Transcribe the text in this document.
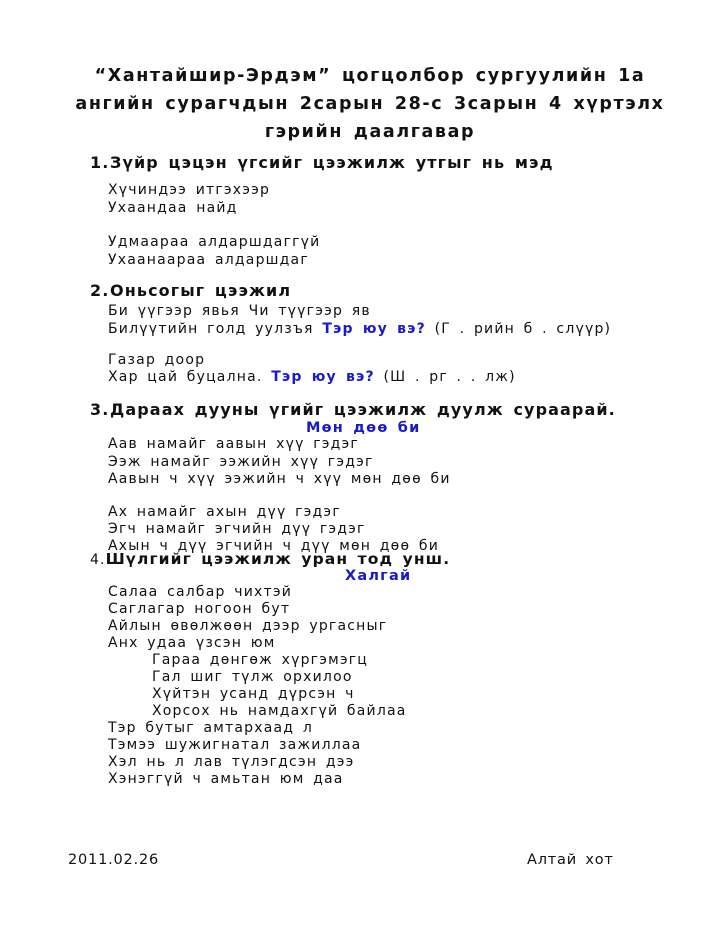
“Хантайшир-Эрдэм” цогцолбор сургуулийн 1а ангийн сурагчдын 2сарын 28-с 3сарын 4 хүртэлх гэрийн даалгавар
1.Зүйр цэцэн үгсийг цээжилж утгыг нь мэд
Хүчиндээ итгэхээр
Ухаандаа найд
Удмаараа алдаршдаггүй
Ухаанаараа алдаршдаг
2.Оньсогыг цээжил
Би үүгээр явья Чи түүгээр яв
Билүүтийн голд уулзъя Тэр юу вэ? (Г . рийн б . слүүр)
Газар доор
Хар цай буцална. Тэр юу вэ? (Ш . рг . . лж)
3.Дараах дууны үгийг цээжилж дуулж сураарай.
Мөн дөө би
Аав намайг аавын хүү гэдэг
Ээж намайг ээжийн хүү гэдэг
Аавын ч хүү ээжийн ч хүү мөн дөө би
Ах намайг ахын дүү гэдэг
Эгч намайг эгчийн дүү гэдэг
Ахын ч дүү эгчийн ч дүү мөн дөө би
4.Шүлгийг цээжилж уран тод унш.
Халгай
Салаа салбар чихтэй
Саглагар ногоон бут
Айлын өвөлжөөн дээр ургасныг
Анх удаа үзсэн юм
Гараа дөнгөж хүргэмэгц
Гал шиг түлж орхилоо
Хүйтэн усанд дүрсэн ч
Хорсох нь намдахгүй байлаа
Тэр бутыг амтархаад л
Тэмээ шужигнатал зажиллаа
Хэл нь л лав түлэгдсэн дээ
Хэнэггүй ч амьтан юм даа
2011.02.26	Алтай хот
